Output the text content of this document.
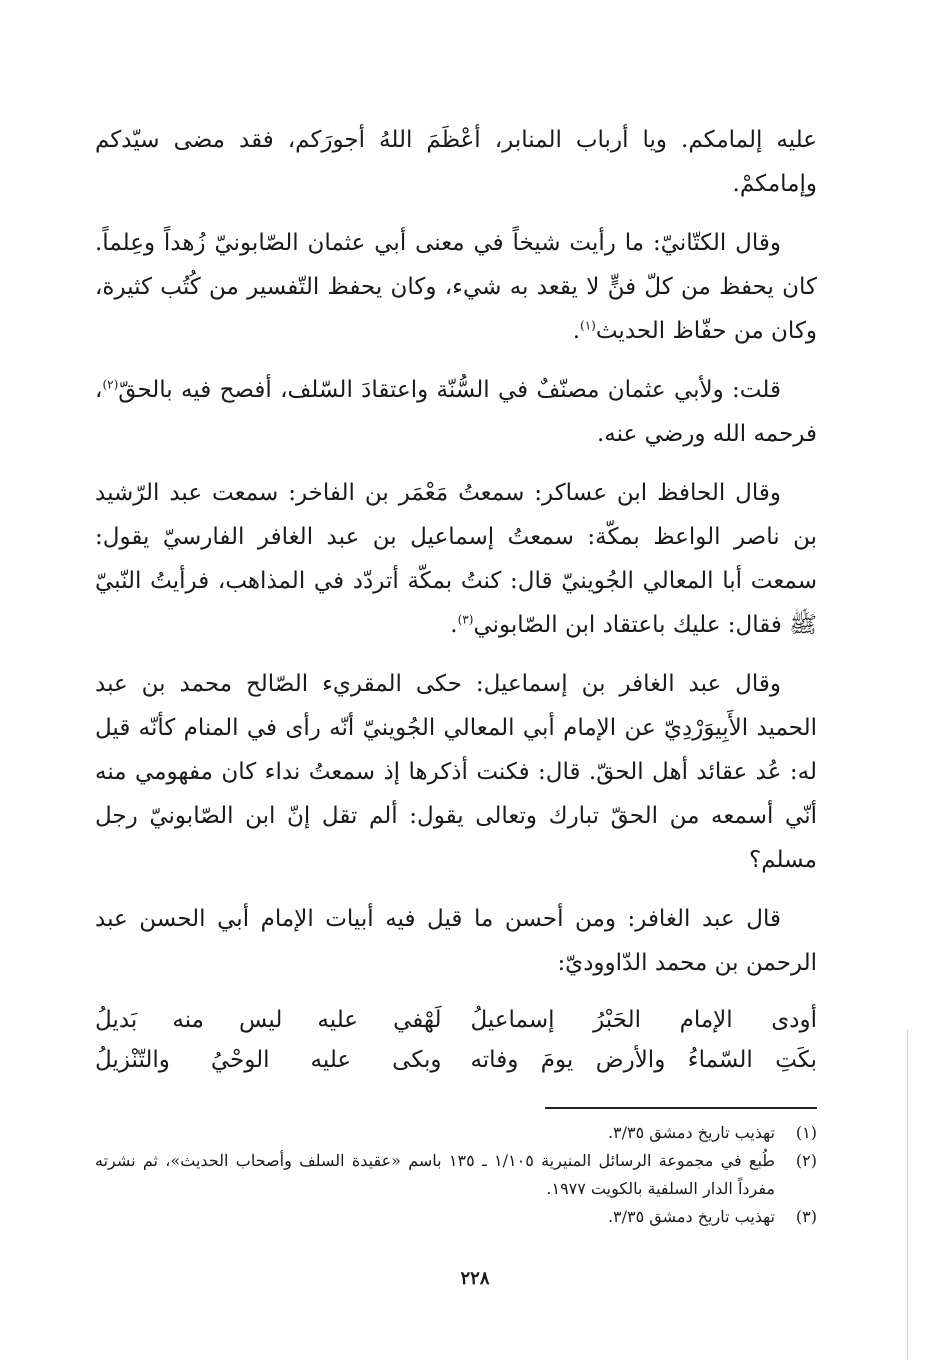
عليه إلمامكم. ويا أرباب المنابر، أعْظَمَ اللهُ أجورَكم، فقد مضى سيّدكم وإمامكمْ.

وقال الكتّانيّ: ما رأيت شيخاً في معنى أبي عثمان الصّابونيّ زُهداً وعِلماً. كان يحفظ من كلّ فنٍّ لا يقعد به شيء، وكان يحفظ التّفسير من كُتُب كثيرة، وكان من حفّاظ الحديث$^{(١)}$.

قلت: ولأبي عثمان مصنّفٌ في السُّنّة واعتقادَ السّلف، أفصح فيه بالحقّ$^{(٢)}$، فرحمه الله ورضي عنه.

وقال الحافظ ابن عساكر: سمعتُ مَعْمَر بن الفاخر: سمعت عبد الرّشيد بن ناصر الواعظ بمكّة: سمعتُ إسماعيل بن عبد الغافر الفارسيّ يقول: سمعت أبا المعالي الجُوينيّ قال: كنتُ بمكّة أتردّد في المذاهب، فرأيتُ النّبيّ ﷺ فقال: عليك باعتقاد ابن الصّابوني$^{(٣)}$.

وقال عبد الغافر بن إسماعيل: حكى المقريء الصّالح محمد بن عبد الحميد الأَبِيوَرْدِيّ عن الإمام أبي المعالي الجُوينيّ أنّه رأى في المنام كأنّه قيل له: عُد عقائد أهل الحقّ. قال: فكنت أذكرها إذ سمعتُ نداء كان مفهومي منه أنّي أسمعه من الحقّ تبارك وتعالى يقول: ألم تقل إنّ ابن الصّابونيّ رجل مسلم؟

قال عبد الغافر: ومن أحسن ما قيل فيه أبيات الإمام أبي الحسن عبد الرحمن بن محمد الدّاووديّ:

أودى الإمام الحَبْرُ إسماعيلُ
لَهْفي عليه ليس منه بَديلُ
بكَتِ السّماءُ والأرض يومَ وفاته
وبكى عليه الوحْيُ والتّنْزيلُ
(١)
تهذيب تاريخ دمشق ٣/٣٥.
(٢)
طُبع في مجموعة الرسائل المنيرية ١/١٠٥ ـ ١٣٥ باسم «عقيدة السلف وأصحاب الحديث»، ثم نشرته مفرداً الدار السلفية بالكويت ١٩٧٧.
(٣)
تهذيب تاريخ دمشق ٣/٣٥.
٢٢٨
